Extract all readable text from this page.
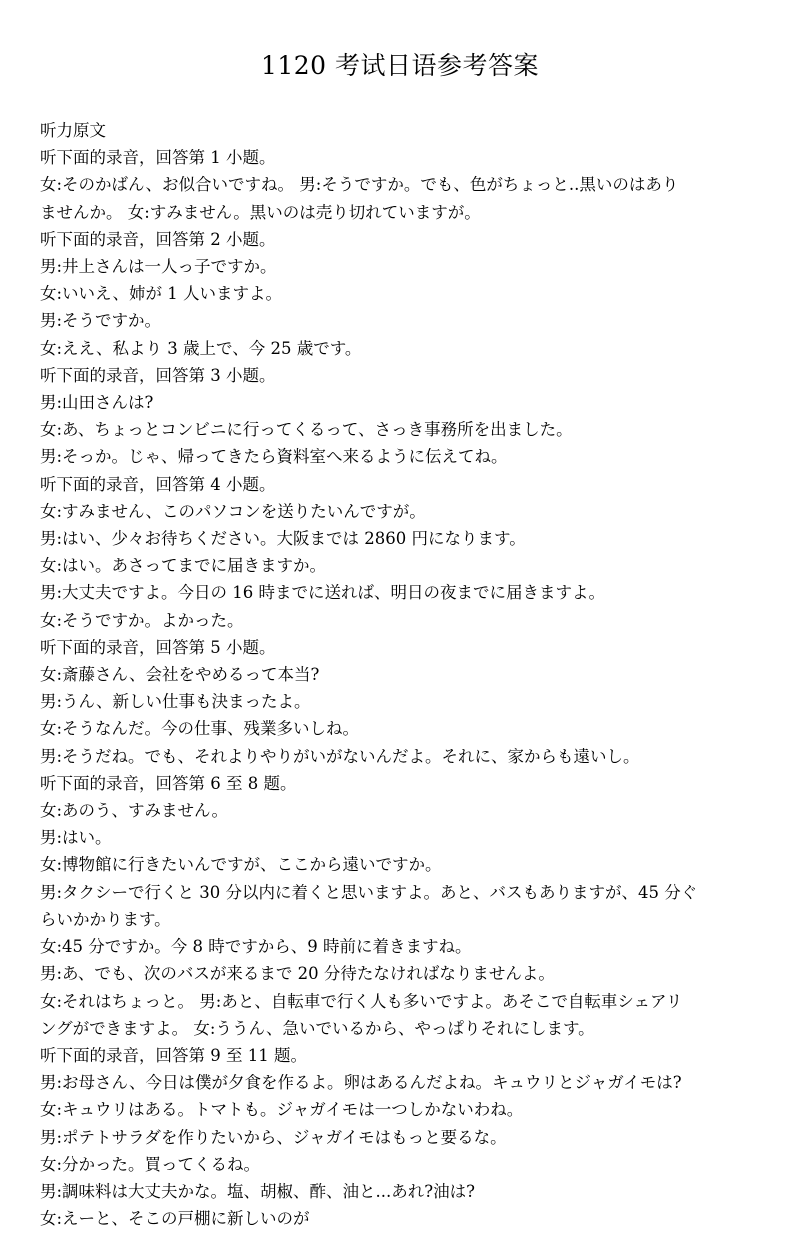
1120 考试日语参考答案
听力原文
听下面的录音，回答第 1 小题。
女:そのかばん、お似合いですね。 男:そうですか。でも、色がちょっと..黒いのはあり
ませんか。 女:すみません。黒いのは売り切れていますが。
听下面的录音，回答第 2 小题。
男:井上さんは一人っ子ですか。
女:いいえ、姉が 1 人いますよ。
男:そうですか。
女:ええ、私より 3 歳上で、今 25 歳です。
听下面的录音，回答第 3 小题。
男:山田さんは?
女:あ、ちょっとコンビニに行ってくるって、さっき事務所を出ました。
男:そっか。じゃ、帰ってきたら資料室へ来るように伝えてね。
听下面的录音，回答第 4 小题。
女:すみません、このパソコンを送りたいんですが。
男:はい、少々お待ちください。大阪までは 2860 円になります。
女:はい。あさってまでに届きますか。
男:大丈夫ですよ。今日の 16 時までに送れば、明日の夜までに届きますよ。
女:そうですか。よかった。
听下面的录音，回答第 5 小题。
女:斎藤さん、会社をやめるって本当?
男:うん、新しい仕事も決まったよ。
女:そうなんだ。今の仕事、残業多いしね。
男:そうだね。でも、それよりやりがいがないんだよ。それに、家からも遠いし。
听下面的录音，回答第 6 至 8 题。
女:あのう、すみません。
男:はい。
女:博物館に行きたいんですが、ここから遠いですか。
男:タクシーで行くと 30 分以内に着くと思いますよ。あと、バスもありますが、45 分ぐ
らいかかります。
女:45 分ですか。今 8 時ですから、9 時前に着きますね。
男:あ、でも、次のバスが来るまで 20 分待たなければなりませんよ。
女:それはちょっと。 男:あと、自転車で行く人も多いですよ。あそこで自転車シェアリ
ングができますよ。 女:ううん、急いでいるから、やっぱりそれにします。
听下面的录音，回答第 9 至 11 题。
男:お母さん、今日は僕が夕食を作るよ。卵はあるんだよね。キュウリとジャガイモは?
女:キュウリはある。トマトも。ジャガイモは一つしかないわね。
男:ポテトサラダを作りたいから、ジャガイモはもっと要るな。
女:分かった。買ってくるね。
男:調味料は大丈夫かな。塩、胡椒、酢、油と...あれ?油は?
女:えーと、そこの戸棚に新しいのが
